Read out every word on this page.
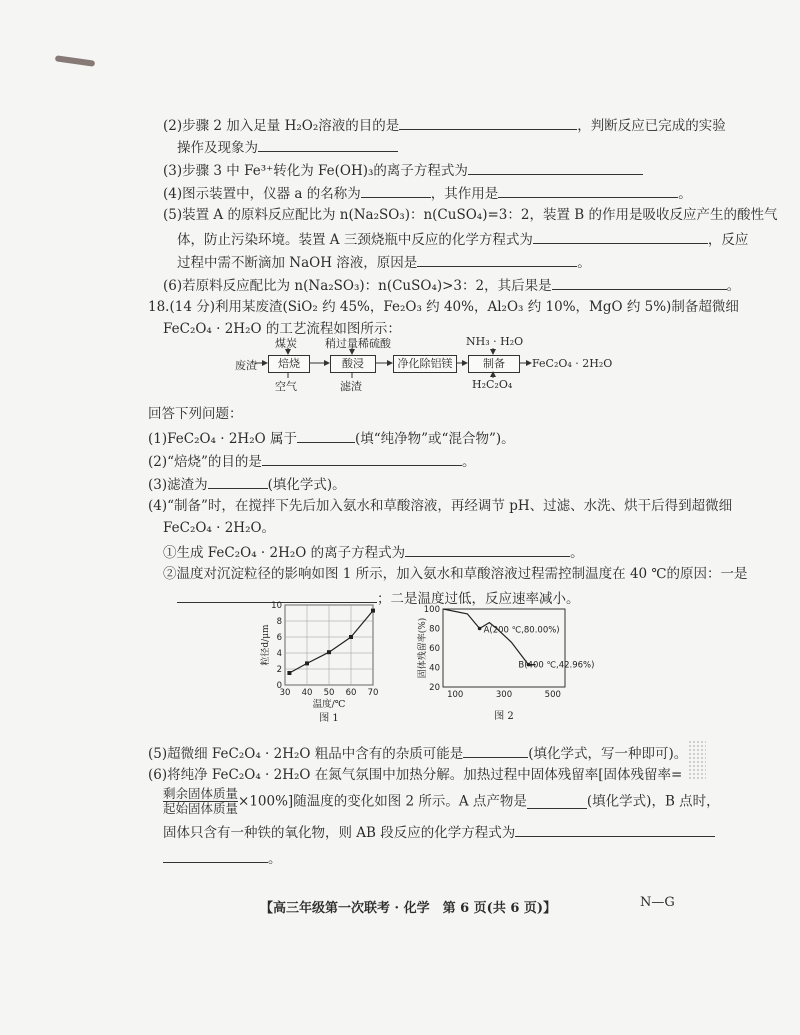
(2)步骤 2 加入足量 H₂O₂溶液的目的是	，判断反应已完成的实验
操作及现象为
(3)步骤 3 中 Fe³⁺转化为 Fe(OH)₃的离子方程式为
(4)图示装置中，仪器 a 的名称为	，其作用是	。
(5)装置 A 的原料反应配比为 n(Na₂SO₃)：n(CuSO₄)=3：2，装置 B 的作用是吸收反应产生的酸性气
体，防止污染环境。装置 A 三颈烧瓶中反应的化学方程式为	，反应
过程中需不断滴加 NaOH 溶液，原因是	。
(6)若原料反应配比为 n(Na₂SO₃)：n(CuSO₄)>3：2，其后果是	。
18.(14 分)利用某废渣(SiO₂ 约 45%，Fe₂O₃ 约 40%，Al₂O₃ 约 10%，MgO 约 5%)制备超微细
FeC₂O₄ · 2H₂O 的工艺流程如图所示：
废渣
煤炭
焙烧
空气
稍过量稀硫酸
酸浸
滤渣
净化除铝镁
NH₃ · H₂O
制备
H₂C₂O₄
FeC₂O₄ · 2H₂O
回答下列问题：
(1)FeC₂O₄ · 2H₂O 属于	(填“纯净物”或“混合物”)。
(2)“焙烧”的目的是	。
(3)滤渣为	(填化学式)。
(4)“制备”时，在搅拌下先后加入氨水和草酸溶液，再经调节 pH、过滤、水洗、烘干后得到超微细
FeC₂O₄ · 2H₂O。
①生成 FeC₂O₄ · 2H₂O 的离子方程式为	。
②温度对沉淀粒径的影响如图 1 所示，加入氨水和草酸溶液过程需控制温度在 40 ℃的原因：一是
；二是温度过低，反应速率减小。
30 40 50 60 70
0
2
4
6
8
10
粒径d/μm
温度/℃
图 1
100	300	500
20
40
60
80
100
A(200 ℃,80.00%)
B(400 ℃,42.96%)
固体残留率(%)
图 2
(5)超微细 FeC₂O₄ · 2H₂O 粗品中含有的杂质可能是	(填化学式，写一种即可)。
(6)将纯净 FeC₂O₄ · 2H₂O 在氮气氛围中加热分解。加热过程中固体残留率[固体残留率=
剩余固体质量
起始固体质量 ×100%]随温度的变化如图 2 所示。A 点产物是	(填化学式)，B 点时，
固体只含有一种铁的氧化物，则 AB 段反应的化学方程式为
。
【高三年级第一次联考 · 化学　第 6 页(共 6 页)】	N—G
